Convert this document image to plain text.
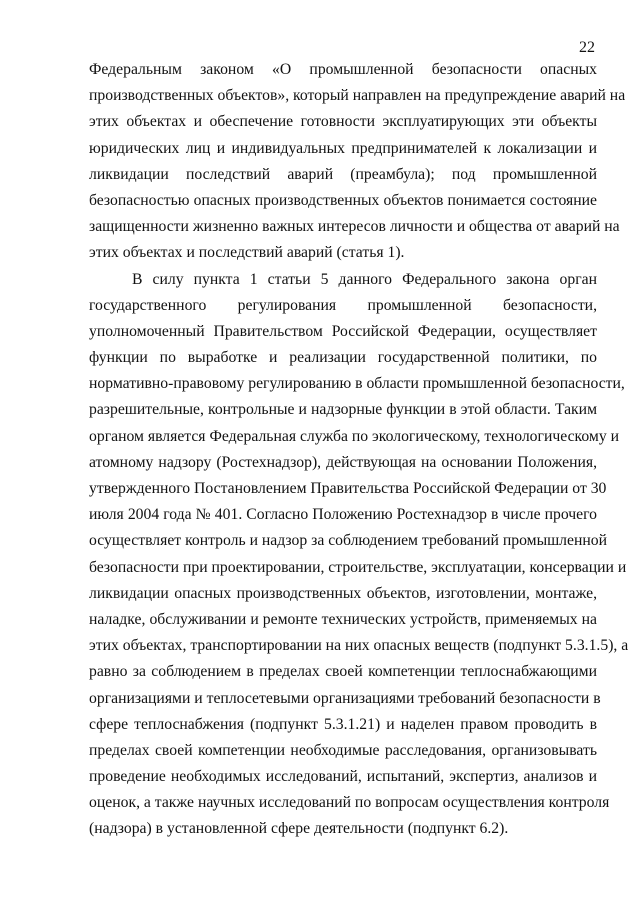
22
Федеральным законом «О промышленной безопасности опасных
производственных объектов», который направлен на предупреждение аварий на
этих объектах и обеспечение готовности эксплуатирующих эти объекты
юридических лиц и индивидуальных предпринимателей к локализации и
ликвидации последствий аварий (преамбула); под промышленной
безопасностью опасных производственных объектов понимается состояние
защищенности жизненно важных интересов личности и общества от аварий на
этих объектах и последствий аварий (статья 1).
В силу пункта 1 статьи 5 данного Федерального закона орган
государственного регулирования промышленной безопасности,
уполномоченный Правительством Российской Федерации, осуществляет
функции по выработке и реализации государственной политики, по
нормативно-правовому регулированию в области промышленной безопасности,
разрешительные, контрольные и надзорные функции в этой области. Таким
органом является Федеральная служба по экологическому, технологическому и
атомному надзору (Ростехнадзор), действующая на основании Положения,
утвержденного Постановлением Правительства Российской Федерации от 30
июля 2004 года № 401. Согласно Положению Ростехнадзор в числе прочего
осуществляет контроль и надзор за соблюдением требований промышленной
безопасности при проектировании, строительстве, эксплуатации, консервации и
ликвидации опасных производственных объектов, изготовлении, монтаже,
наладке, обслуживании и ремонте технических устройств, применяемых на
этих объектах, транспортировании на них опасных веществ (подпункт 5.3.1.5), а
равно за соблюдением в пределах своей компетенции теплоснабжающими
организациями и теплосетевыми организациями требований безопасности в
сфере теплоснабжения (подпункт 5.3.1.21) и наделен правом проводить в
пределах своей компетенции необходимые расследования, организовывать
проведение необходимых исследований, испытаний, экспертиз, анализов и
оценок, а также научных исследований по вопросам осуществления контроля
(надзора) в установленной сфере деятельности (подпункт 6.2).
